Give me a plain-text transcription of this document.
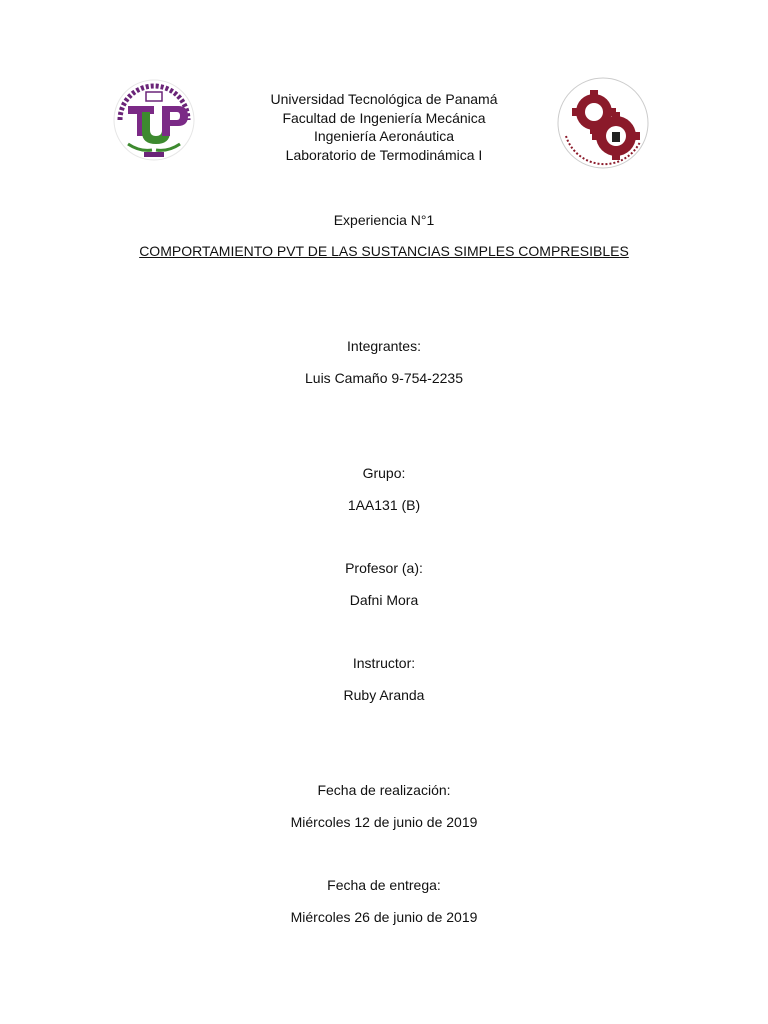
Universidad Tecnológica de Panamá
Facultad de Ingeniería Mecánica
Ingeniería Aeronáutica
Laboratorio de Termodinámica I
Experiencia N°1
COMPORTAMIENTO PVT DE LAS SUSTANCIAS SIMPLES COMPRESIBLES
Integrantes:
Luis Camaño 9-754-2235
Grupo:
1AA131 (B)
Profesor (a):
Dafni Mora
Instructor:
Ruby Aranda
Fecha de realización:
Miércoles 12 de junio de 2019
Fecha de entrega:
Miércoles 26 de junio de 2019
